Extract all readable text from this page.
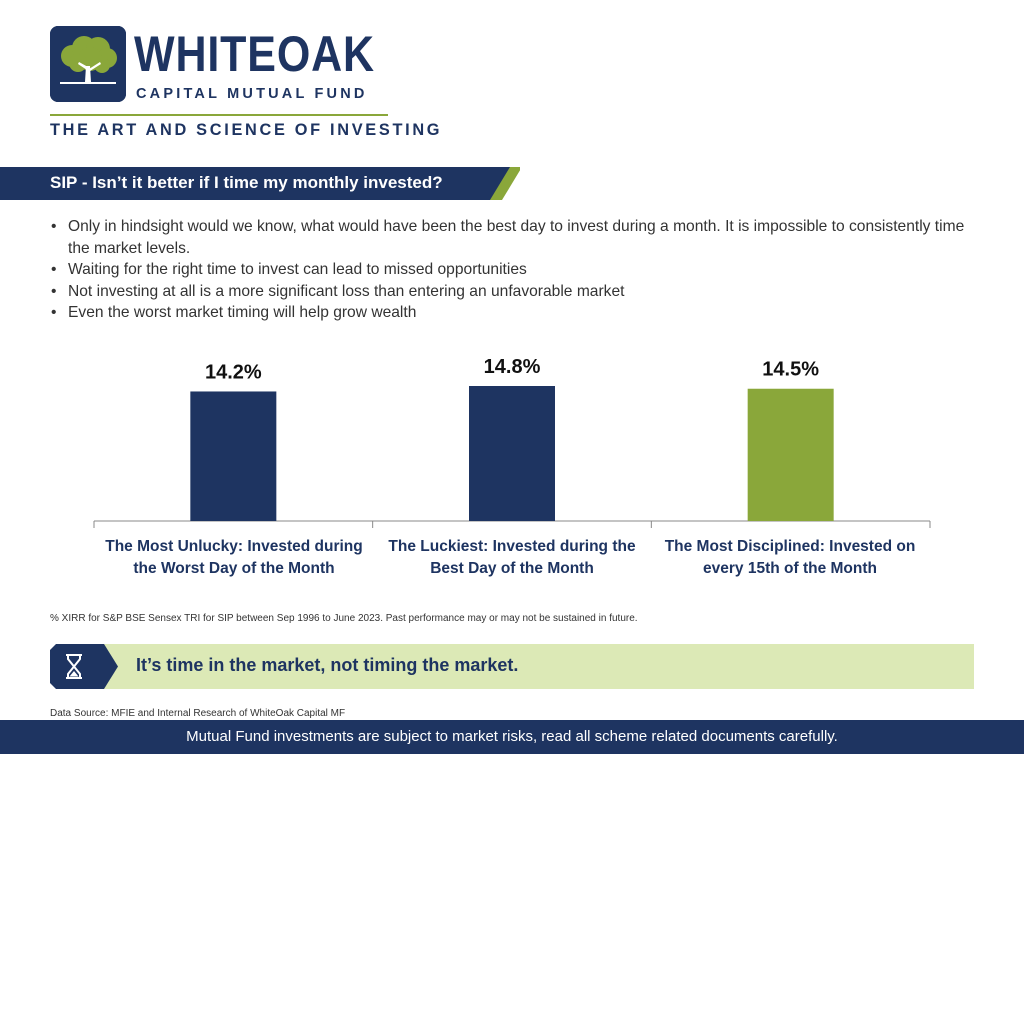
WHITEOAK
CAPITAL MUTUAL FUND
THE ART AND SCIENCE OF INVESTING
SIP - Isn’t it better if I time my monthly invested?
• Only in hindsight would we know, what would have been the best day to invest during a month. It is impossible to consistently time the market levels.
• Waiting for the right time to invest can lead to missed opportunities
• Not investing at all is a more significant loss than entering an unfavorable market
• Even the worst market timing will help grow wealth
14.2%	14.8%	14.5%
The Most Unlucky: Invested during the Worst Day of the Month
The Luckiest: Invested during the Best Day of the Month
The Most Disciplined: Invested on every 15th of the Month
% XIRR for S&P BSE Sensex TRI for SIP between Sep 1996 to June 2023. Past performance may or may not be sustained in future.
It’s time in the market, not timing the market.
Data Source: MFIE and Internal Research of WhiteOak Capital MF
Mutual Fund investments are subject to market risks, read all scheme related documents carefully.
